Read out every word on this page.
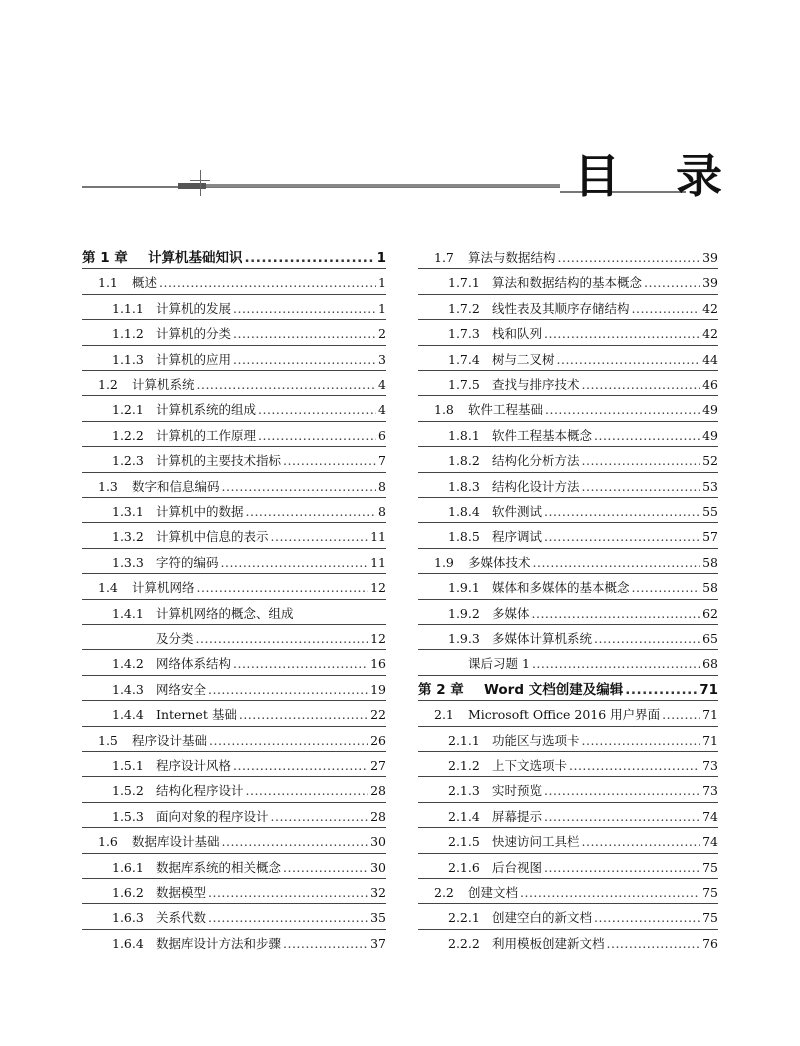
目 录
第 1 章	计算机基础知识 .....	1
1.1	概述 .....	1
1.1.1 计算机的发展 .....	1
1.1.2 计算机的分类 .....	2
1.1.3 计算机的应用 .....	3
1.2	计算机系统 .....	4
1.2.1 计算机系统的组成 .....	4
1.2.2 计算机的工作原理 .....	6
1.2.3 计算机的主要技术指标 .....	7
1.3	数字和信息编码 .....	8
1.3.1 计算机中的数据 .....	8
1.3.2 计算机中信息的表示 .....	11
1.3.3 字符的编码 .....	11
1.4	计算机网络 .....	12
1.4.1 计算机网络的概念、组成
及分类 .....	12
1.4.2 网络体系结构 .....	16
1.4.3 网络安全 .....	19
1.4.4 Internet 基础 .....	22
1.5	程序设计基础 .....	26
1.5.1 程序设计风格 .....	27
1.5.2 结构化程序设计 .....	28
1.5.3 面向对象的程序设计 .....	28
1.6	数据库设计基础 .....	30
1.6.1 数据库系统的相关概念 .....	30
1.6.2 数据模型 .....	32
1.6.3 关系代数 .....	35
1.6.4 数据库设计方法和步骤 .....	37
1.7	算法与数据结构 .....	39
1.7.1 算法和数据结构的基本概念 .....	39
1.7.2 线性表及其顺序存储结构 .....	42
1.7.3 栈和队列 .....	42
1.7.4 树与二叉树 .....	44
1.7.5 查找与排序技术 .....	46
1.8	软件工程基础 .....	49
1.8.1 软件工程基本概念 .....	49
1.8.2 结构化分析方法 .....	52
1.8.3 结构化设计方法 .....	53
1.8.4 软件测试 .....	55
1.8.5 程序调试 .....	57
1.9	多媒体技术 .....	58
1.9.1 媒体和多媒体的基本概念 .....	58
1.9.2 多媒体 .....	62
1.9.3 多媒体计算机系统 .....	65
课后习题 1 .....	68
第 2 章	Word 文档创建及编辑 .....	71
2.1	Microsoft Office 2016 用户界面 .....	71
2.1.1 功能区与选项卡 .....	71
2.1.2 上下文选项卡 .....	73
2.1.3 实时预览 .....	73
2.1.4 屏幕提示 .....	74
2.1.5 快速访问工具栏 .....	74
2.1.6 后台视图 .....	75
2.2	创建文档 .....	75
2.2.1 创建空白的新文档 .....	75
2.2.2 利用模板创建新文档 .....	76
